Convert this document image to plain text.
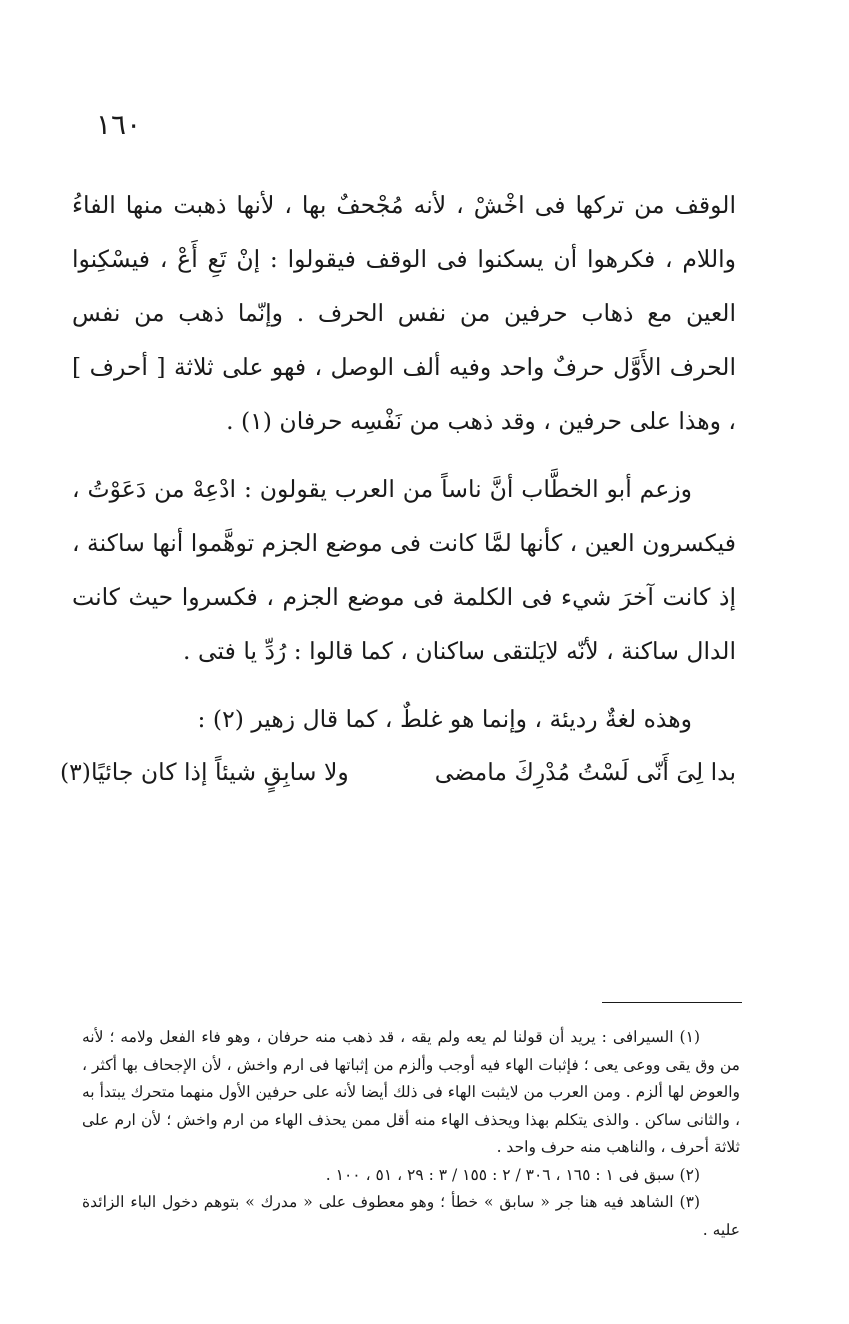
١٦٠

الوقف من تركها فى اخْشْ ، لأنه مُجْحفٌ بها ، لأنها ذهبت منها الفاءُ واللام ، فكرهوا أن يسكنوا فى الوقف فيقولوا : إنْ تَعِ أَعْ ، فيسْكِنوا العين مع ذهاب حرفين من نفس الحرف . وإنّما ذهب من نفس الحرف الأَوَّل حرفٌ واحد وفيه ألف الوصل ، فهو على ثلاثة [ أحرف ] ، وهذا على حرفين ، وقد ذهب من نَفْسِه حرفان (١) .

وزعم أبو الخطَّاب أنَّ ناساً من العرب يقولون : ادْعِهْ من دَعَوْتُ ، فيكسرون العين ، كأنها لمَّا كانت فى موضع الجزم توهَّموا أنها ساكنة ، إذ كانت آخرَ شيء فى الكلمة فى موضع الجزم ، فكسروا حيث كانت الدال ساكنة ، لأنّه لايَلتقى ساكنان ، كما قالوا : رُدِّ يا فتى .

وهذه لغةٌ رديئة ، وإنما هو غلطٌ ، كما قال زهير (٢) :

بدا لِىَ أَنّى لَسْتُ مُدْرِكَ مامضى
ولا سابِقٍ شيئاً إذا كان جائيًا(٣)

(١) السيرافى : يريد أن قولنا لم يعه ولم يقه ، قد ذهب منه حرفان ، وهو فاء الفعل ولامه ؛ لأنه من وق يقى ووعى يعى ؛ فإثبات الهاء فيه أوجب وألزم من إثباتها فى ارم واخش ، لأن الإجحاف بها أكثر ، والعوض لها ألزم . ومن العرب من لايثبت الهاء فى ذلك أيضا لأنه على حرفين الأول منهما متحرك يبتدأ به ، والثانى ساكن . والذى يتكلم بهذا ويحذف الهاء منه أقل ممن يحذف الهاء من ارم واخش ؛ لأن ارم على ثلاثة أحرف ، والناهب منه حرف واحد .

(٢) سبق فى ١ : ١٦٥ ، ٣٠٦ / ٢ : ١٥٥ / ٣ : ٢٩ ، ٥١ ، ١٠٠ .

(٣) الشاهد فيه هنا جر « سابق » خطأ ؛ وهو معطوف على « مدرك » بتوهم دخول الباء الزائدة عليه .
